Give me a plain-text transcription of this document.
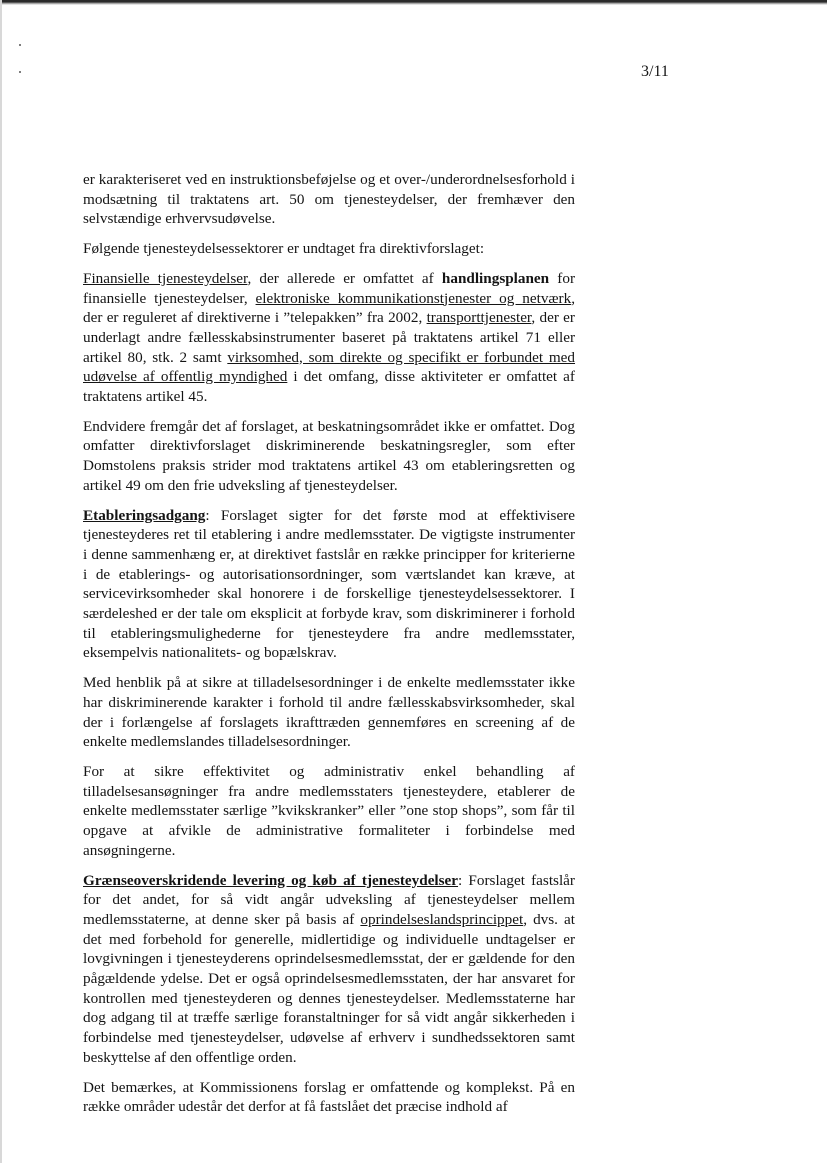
3/11

er karakteriseret ved en instruktionsbeføjelse og et over-/underordnelsesforhold i modsætning til traktatens art. 50 om tjenesteydelser, der fremhæver den selvstændige erhvervsudøvelse.

Følgende tjenesteydelsessektorer er undtaget fra direktivforslaget:

Finansielle tjenesteydelser, der allerede er omfattet af handlingsplanen for finansielle tjenesteydelser, elektroniske kommunikationstjenester og netværk, der er reguleret af direktiverne i ”telepakken” fra 2002, transporttjenester, der er underlagt andre fællesskabsinstrumenter baseret på traktatens artikel 71 eller artikel 80, stk. 2 samt virksomhed, som direkte og specifikt er forbundet med udøvelse af offentlig myndighed i det omfang, disse aktiviteter er omfattet af traktatens artikel 45.

Endvidere fremgår det af forslaget, at beskatningsområdet ikke er omfattet. Dog omfatter direktivforslaget diskriminerende beskatningsregler, som efter Domstolens praksis strider mod traktatens artikel 43 om etableringsretten og artikel 49 om den frie udveksling af tjenesteydelser.

Etableringsadgang: Forslaget sigter for det første mod at effektivisere tjenesteyderes ret til etablering i andre medlemsstater. De vigtigste instrumenter i denne sammenhæng er, at direktivet fastslår en række principper for kriterierne i de etablerings- og autorisationsordninger, som værtslandet kan kræve, at servicevirksomheder skal honorere i de forskellige tjenesteydelsessektorer. I særdeleshed er der tale om eksplicit at forbyde krav, som diskriminerer i forhold til etableringsmulighederne for tjenesteydere fra andre medlemsstater, eksempelvis nationalitets- og bopælskrav.

Med henblik på at sikre at tilladelsesordninger i de enkelte medlemsstater ikke har diskriminerende karakter i forhold til andre fællesskabsvirksomheder, skal der i forlængelse af forslagets ikrafttræden gennemføres en screening af de enkelte medlemslandes tilladelsesordninger.

For at sikre effektivitet og administrativ enkel behandling af tilladelsesansøgninger fra andre medlemsstaters tjenesteydere, etablerer de enkelte medlemsstater særlige ”kvikskranker” eller ”one stop shops”, som får til opgave at afvikle de administrative formaliteter i forbindelse med ansøgningerne.

Grænseoverskridende levering og køb af tjenesteydelser: Forslaget fastslår for det andet, for så vidt angår udveksling af tjenesteydelser mellem medlemsstaterne, at denne sker på basis af oprindelseslandsprincippet, dvs. at det med forbehold for generelle, midlertidige og individuelle undtagelser er lovgivningen i tjenesteyderens oprindelsesmedlemsstat, der er gældende for den pågældende ydelse. Det er også oprindelsesmedlemsstaten, der har ansvaret for kontrollen med tjenesteyderen og dennes tjenesteydelser. Medlemsstaterne har dog adgang til at træffe særlige foranstaltninger for så vidt angår sikkerheden i forbindelse med tjenesteydelser, udøvelse af erhverv i sundhedssektoren samt beskyttelse af den offentlige orden.

Det bemærkes, at Kommissionens forslag er omfattende og komplekst. På en række områder udestår det derfor at få fastslået det præcise indhold af
